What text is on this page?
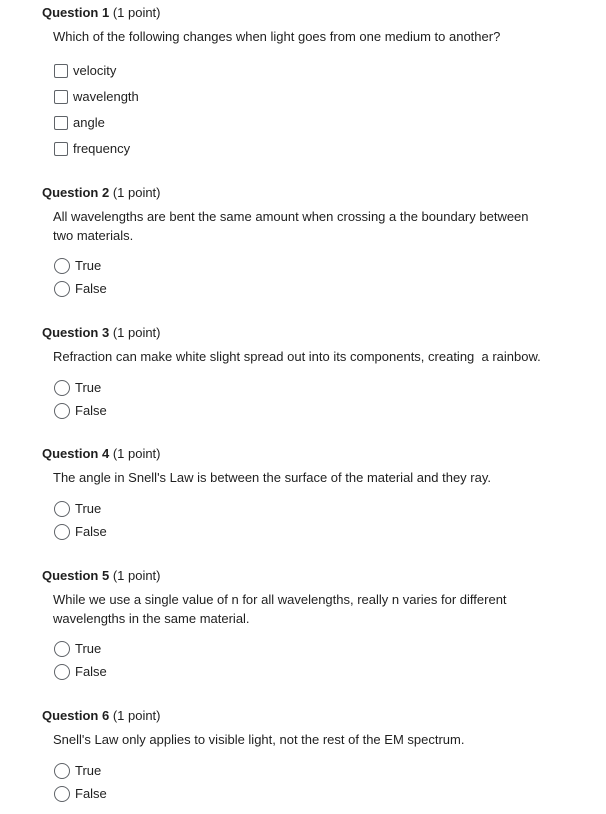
Question 1 (1 point)

Which of the following changes when light goes from one medium to another?

velocity
wavelength
angle
frequency
Question 2 (1 point)

All wavelengths are bent the same amount when crossing a the boundary between two materials.

True
False
Question 3 (1 point)

Refraction can make white slight spread out into its components, creating  a rainbow.

True
False
Question 4 (1 point)

The angle in Snell's Law is between the surface of the material and they ray.

True
False
Question 5 (1 point)

While we use a single value of n for all wavelengths, really n varies for different wavelengths in the same material.

True
False
Question 6 (1 point)

Snell's Law only applies to visible light, not the rest of the EM spectrum.

True
False
